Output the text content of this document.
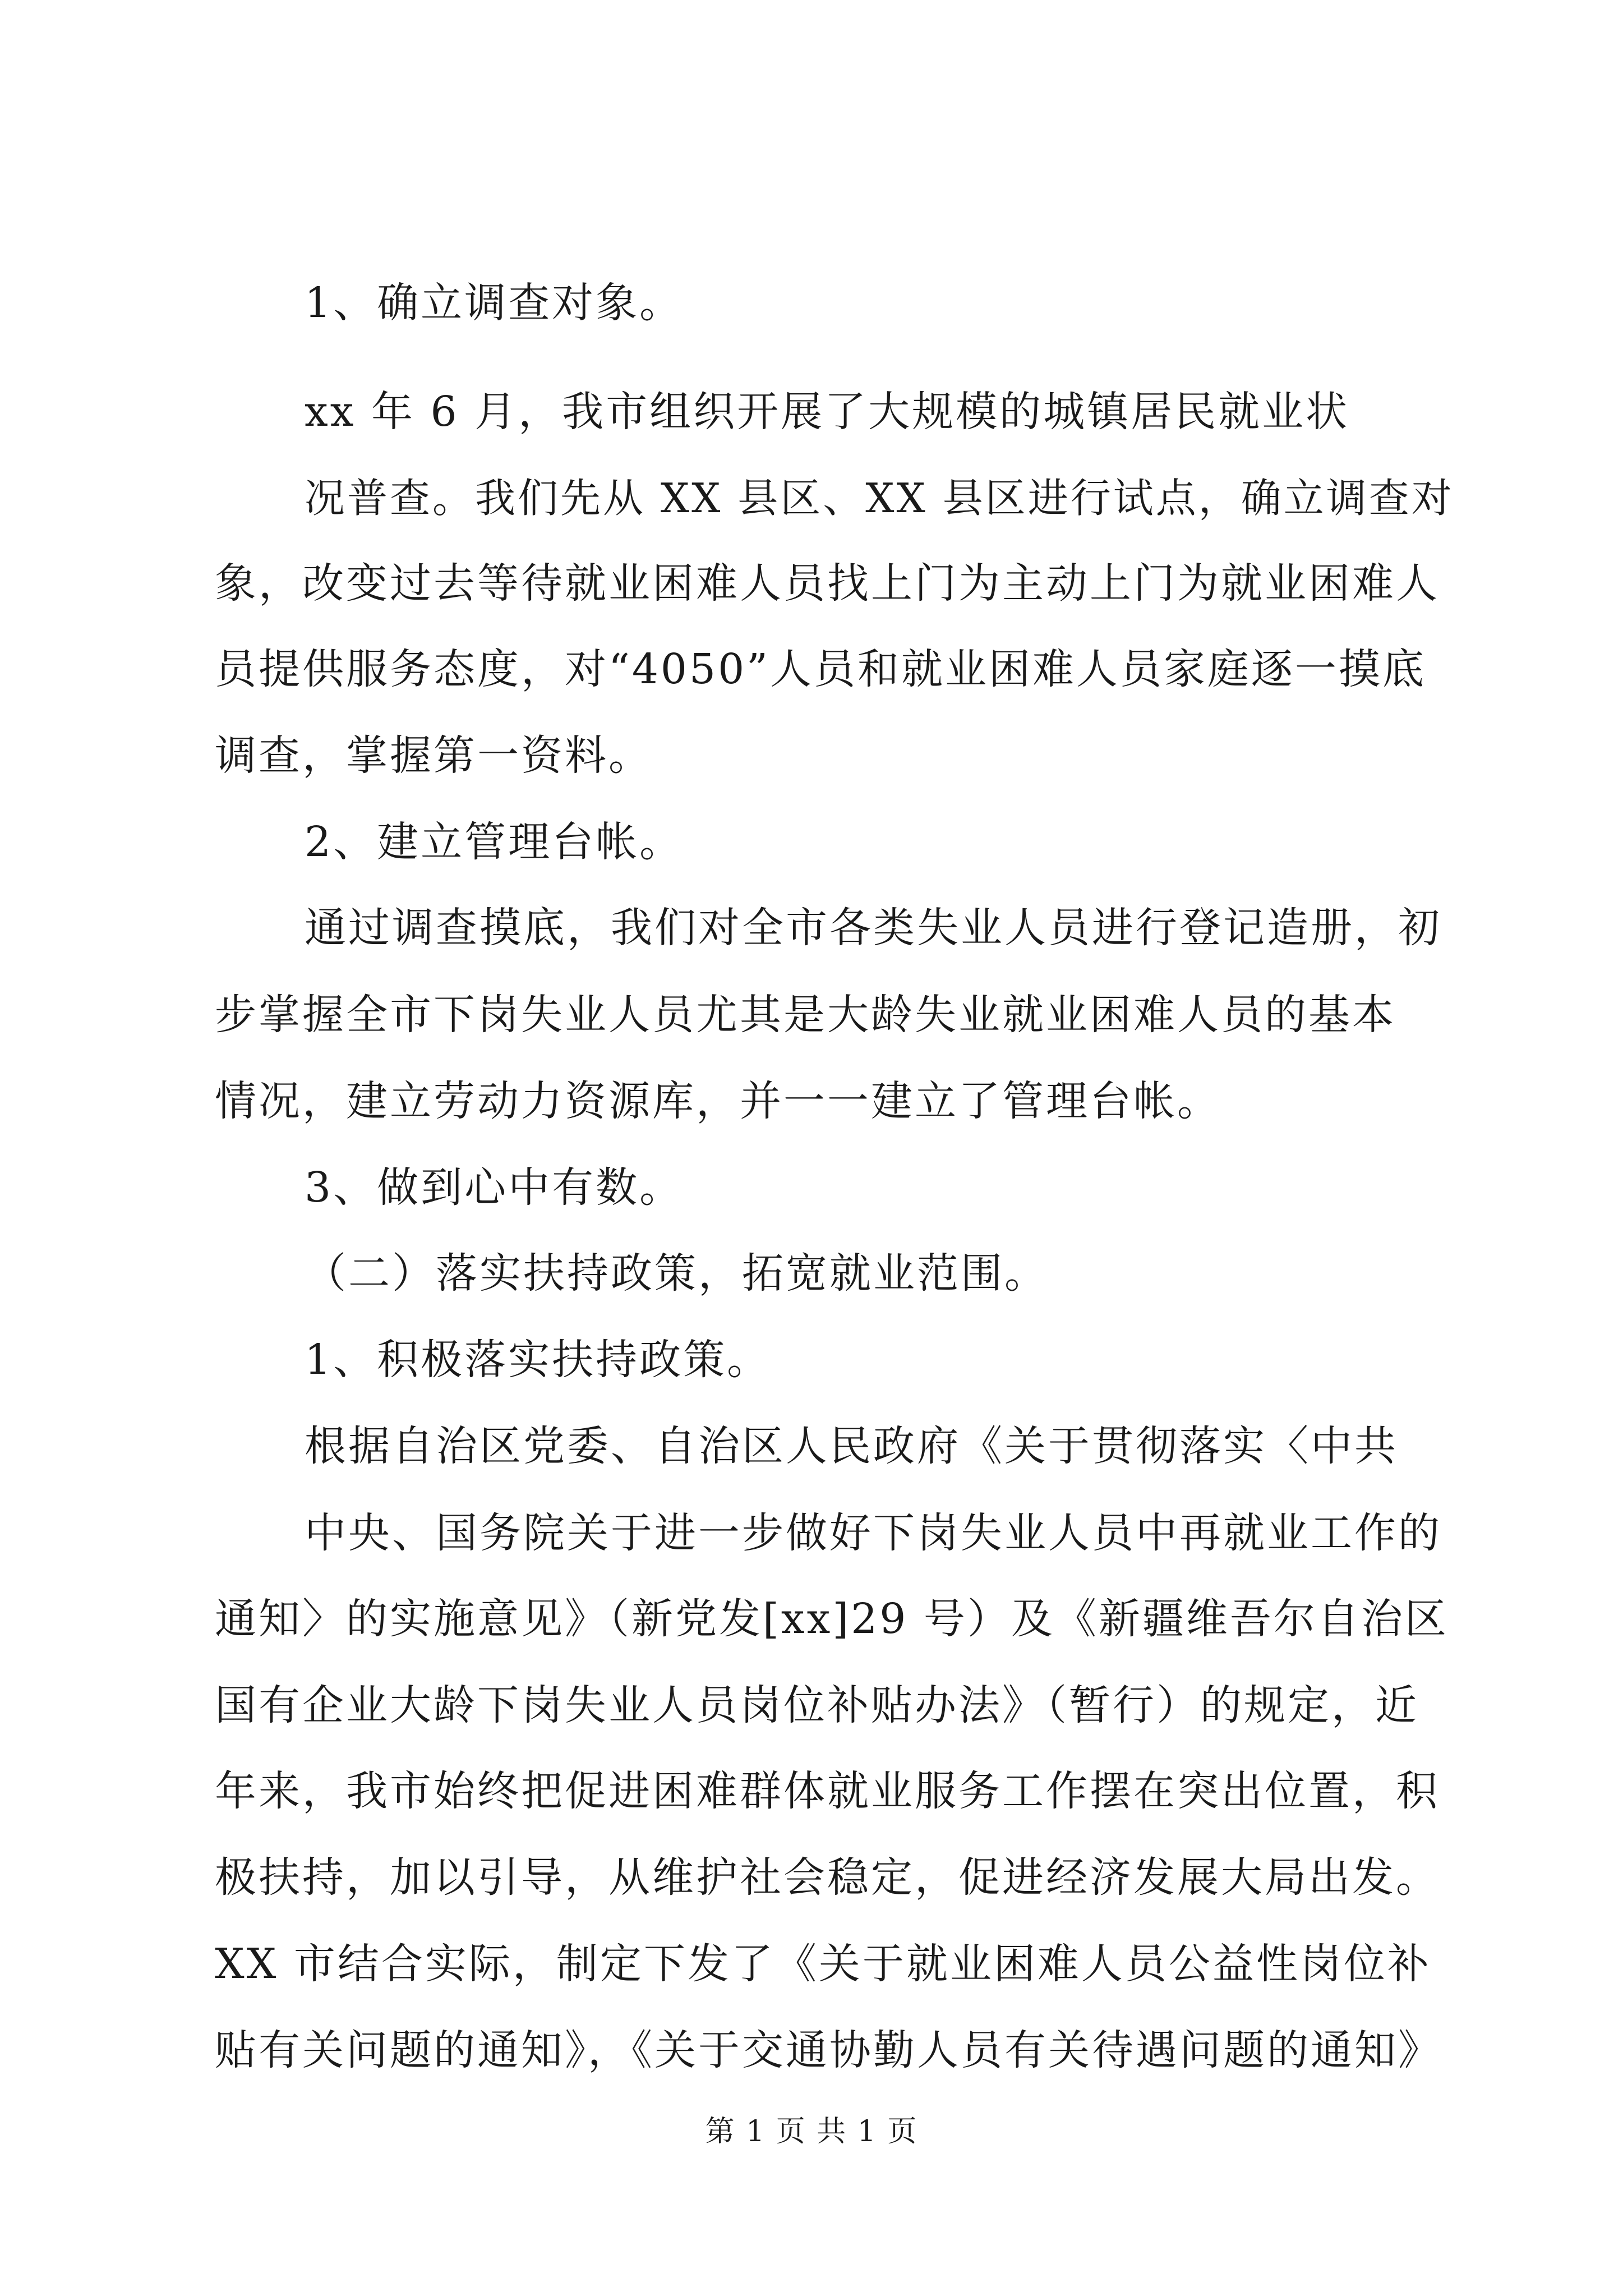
1、确立调查对象。
xx 年 6 月，我市组织开展了大规模的城镇居民就业状
况普查。我们先从 XX 县区、XX 县区进行试点，确立调查对
象，改变过去等待就业困难人员找上门为主动上门为就业困难人
员提供服务态度，对“4050”人员和就业困难人员家庭逐一摸底
调查，掌握第一资料。
2、建立管理台帐。
通过调查摸底，我们对全市各类失业人员进行登记造册，初
步掌握全市下岗失业人员尤其是大龄失业就业困难人员的基本
情况，建立劳动力资源库，并一一建立了管理台帐。
3、做到心中有数。
（二）落实扶持政策，拓宽就业范围。
1、积极落实扶持政策。
根据自治区党委、自治区人民政府《关于贯彻落实〈中共
中央、国务院关于进一步做好下岗失业人员中再就业工作的
通知〉的实施意见》（新党发[xx]29 号）及《新疆维吾尔自治区
国有企业大龄下岗失业人员岗位补贴办法》（暂行）的规定，近
年来，我市始终把促进困难群体就业服务工作摆在突出位置，积
极扶持，加以引导，从维护社会稳定，促进经济发展大局出发。
XX 市结合实际，制定下发了《关于就业困难人员公益性岗位补
贴有关问题的通知》，《关于交通协勤人员有关待遇问题的通知》
第 1 页 共 1 页
